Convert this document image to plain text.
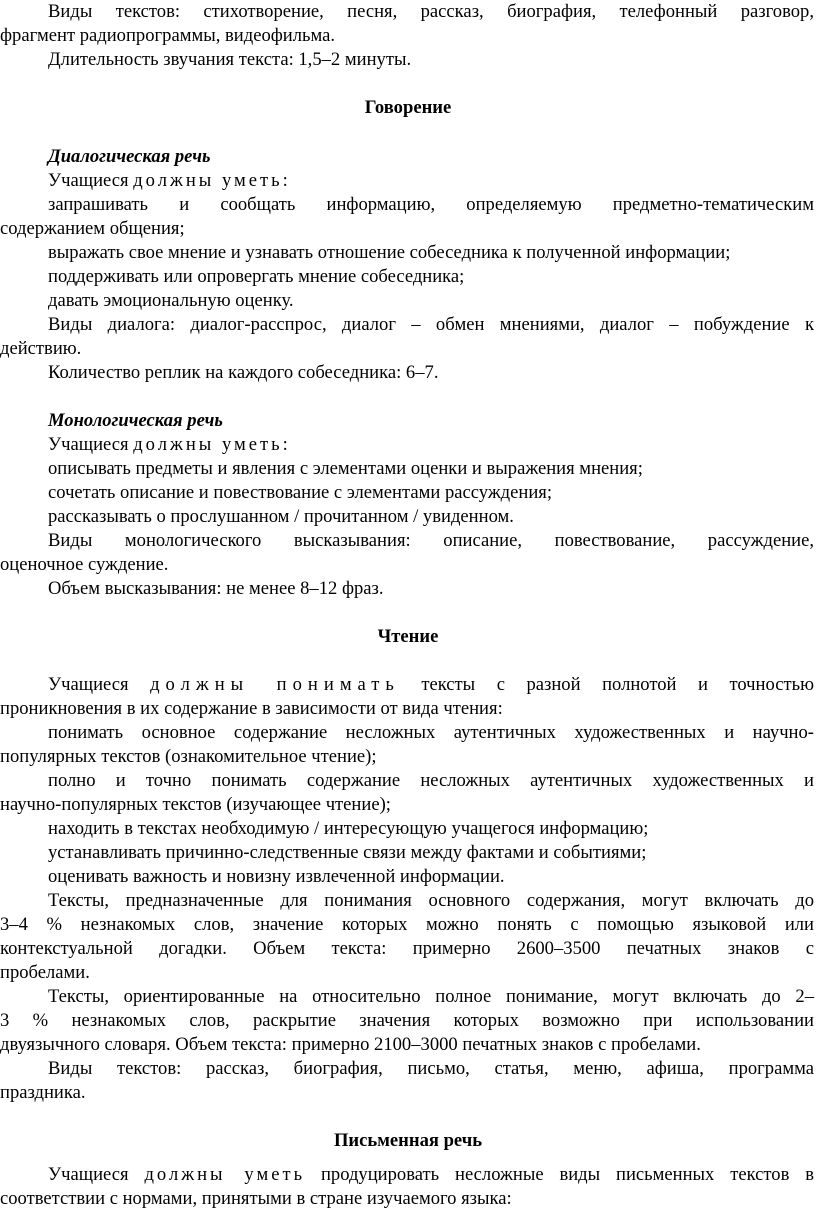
Виды текстов: стихотворение, песня, рассказ, биография, телефонный разговор,
фрагмент радиопрограммы, видеофильма.
Длительность звучания текста: 1,5–2 минуты.
Говорение
Диалогическая речь
Учащиеся должны уметь:
запрашивать и сообщать информацию, определяемую предметно-тематическим
содержанием общения;
выражать свое мнение и узнавать отношение собеседника к полученной информации;
поддерживать или опровергать мнение собеседника;
давать эмоциональную оценку.
Виды диалога: диалог-расспрос, диалог – обмен мнениями, диалог – побуждение к
действию.
Количество реплик на каждого собеседника: 6–7.
Монологическая речь
Учащиеся должны уметь:
описывать предметы и явления с элементами оценки и выражения мнения;
сочетать описание и повествование с элементами рассуждения;
рассказывать о прослушанном / прочитанном / увиденном.
Виды монологического высказывания: описание, повествование, рассуждение,
оценочное суждение.
Объем высказывания: не менее 8–12 фраз.
Чтение
Учащиеся должны понимать тексты с разной полнотой и точностью
проникновения в их содержание в зависимости от вида чтения:
понимать основное содержание несложных аутентичных художественных и научно-
популярных текстов (ознакомительное чтение);
полно и точно понимать содержание несложных аутентичных художественных и
научно-популярных текстов (изучающее чтение);
находить в текстах необходимую / интересующую учащегося информацию;
устанавливать причинно-следственные связи между фактами и событиями;
оценивать важность и новизну извлеченной информации.
Тексты, предназначенные для понимания основного содержания, могут включать до
3–4 % незнакомых слов, значение которых можно понять с помощью языковой или
контекстуальной догадки. Объем текста: примерно 2600–3500 печатных знаков с
пробелами.
Тексты, ориентированные на относительно полное понимание, могут включать до 2–
3 % незнакомых слов, раскрытие значения которых возможно при использовании
двуязычного словаря. Объем текста: примерно 2100–3000 печатных знаков с пробелами.
Виды текстов: рассказ, биография, письмо, статья, меню, афиша, программа
праздника.
Письменная речь
Учащиеся должны уметь продуцировать несложные виды письменных текстов в
соответствии с нормами, принятыми в стране изучаемого языка:
